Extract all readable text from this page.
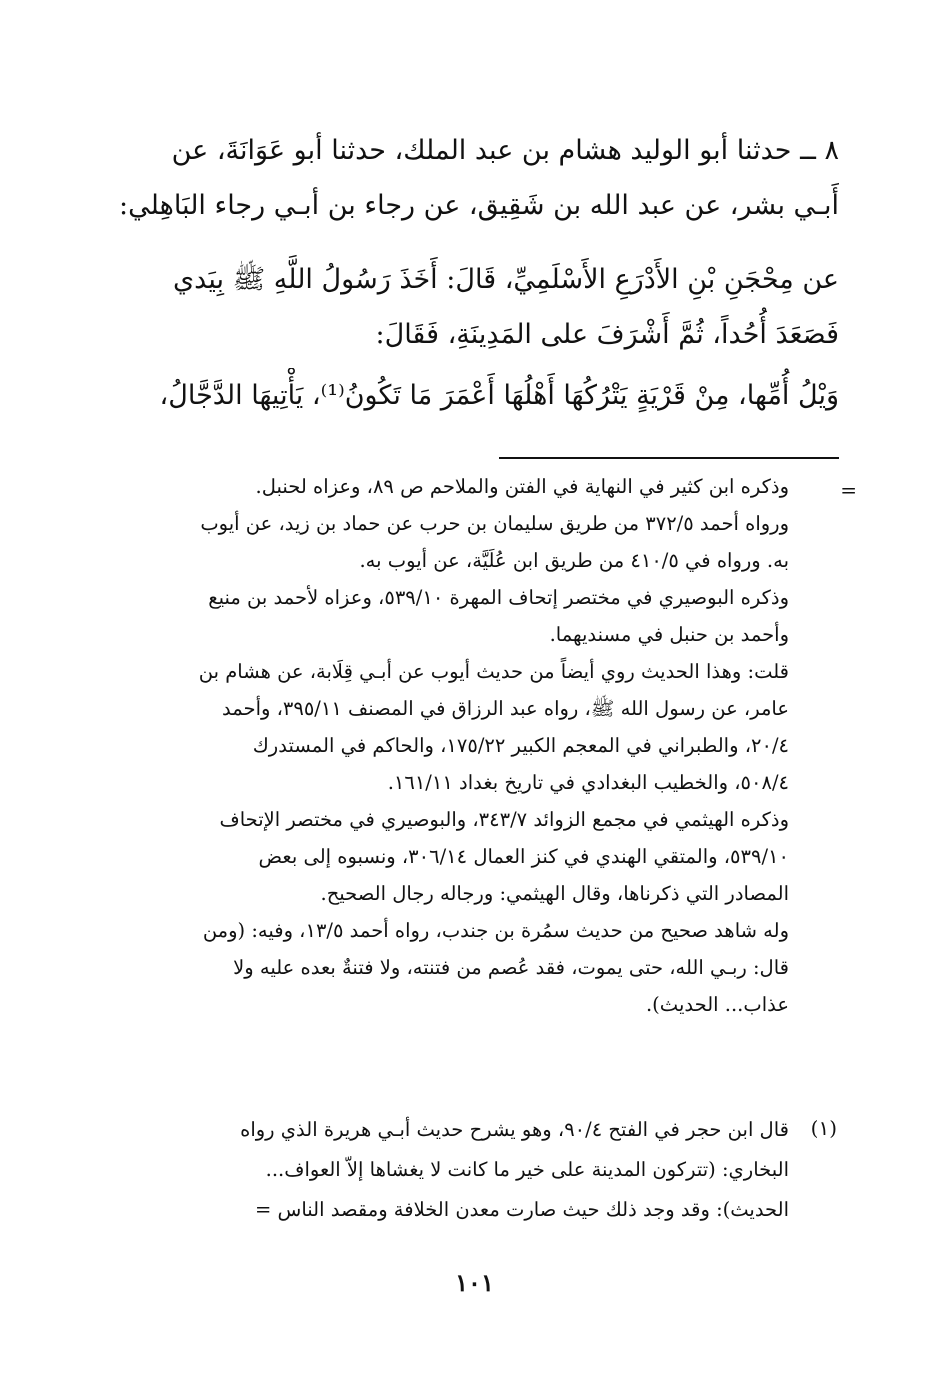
٨ ــ حدثنا أبو الوليد هشام بن عبد الملك، حدثنا أبو عَوَانَةَ، عن
أَبـي بشر، عن عبد الله بن شَقِيق، عن رجاء بن أبـي رجاء البَاهِلي:
عن مِحْجَنِ بْنِ الأَدْرَعِ الأَسْلَمِيِّ، قَالَ: أَخَذَ رَسُولُ اللَّهِ ﷺ بِيَدي
فَصَعَدَ أُحُداً، ثُمَّ أَشْرَفَ على المَدِينَةِ، فَقَالَ:
وَيْلُ أُمِّها، مِنْ قَرْيَةٍ يَتْرُكُهَا أَهْلُهَا أَعْمَرَ مَا تَكُونُ⁽¹⁾، يَأْتِيهَا الدَّجَّالُ،
=
وذكره ابن كثير في النهاية في الفتن والملاحم ص ٨٩، وعزاه لحنبل.
ورواه أحمد ٣٧٢/٥ من طريق سليمان بن حرب عن حماد بن زيد، عن أيوب
به. ورواه في ٤١٠/٥ من طريق ابن عُلَيَّة، عن أيوب به.
وذكره البوصيري في مختصر إتحاف المهرة ٥٣٩/١٠، وعزاه لأحمد بن منيع
وأحمد بن حنبل في مسنديهما.
قلت: وهذا الحديث روي أيضاً من حديث أيوب عن أبـي قِلَابة، عن هشام بن
عامر، عن رسول الله ﷺ، رواه عبد الرزاق في المصنف ٣٩٥/١١، وأحمد
٢٠/٤، والطبراني في المعجم الكبير ١٧٥/٢٢، والحاكم في المستدرك
٥٠٨/٤، والخطيب البغدادي في تاريخ بغداد ١٦١/١١.
وذكره الهيثمي في مجمع الزوائد ٣٤٣/٧، والبوصيري في مختصر الإتحاف
٥٣٩/١٠، والمتقي الهندي في كنز العمال ٣٠٦/١٤، ونسبوه إلى بعض
المصادر التي ذكرناها، وقال الهيثمي: ورجاله رجال الصحيح.
وله شاهد صحيح من حديث سمُرة بن جندب، رواه أحمد ١٣/٥، وفيه: (ومن
قال: ربـي الله، حتى يموت، فقد عُصم من فتنته، ولا فتنةٌ بعده عليه ولا
عذاب... الحديث).
(١)
قال ابن حجر في الفتح ٩٠/٤، وهو يشرح حديث أبـي هريرة الذي رواه
البخاري: (تتركون المدينة على خير ما كانت لا يغشاها إلاّ العواف...
الحديث): وقد وجد ذلك حيث صارت معدن الخلافة ومقصد الناس =
١٠١
